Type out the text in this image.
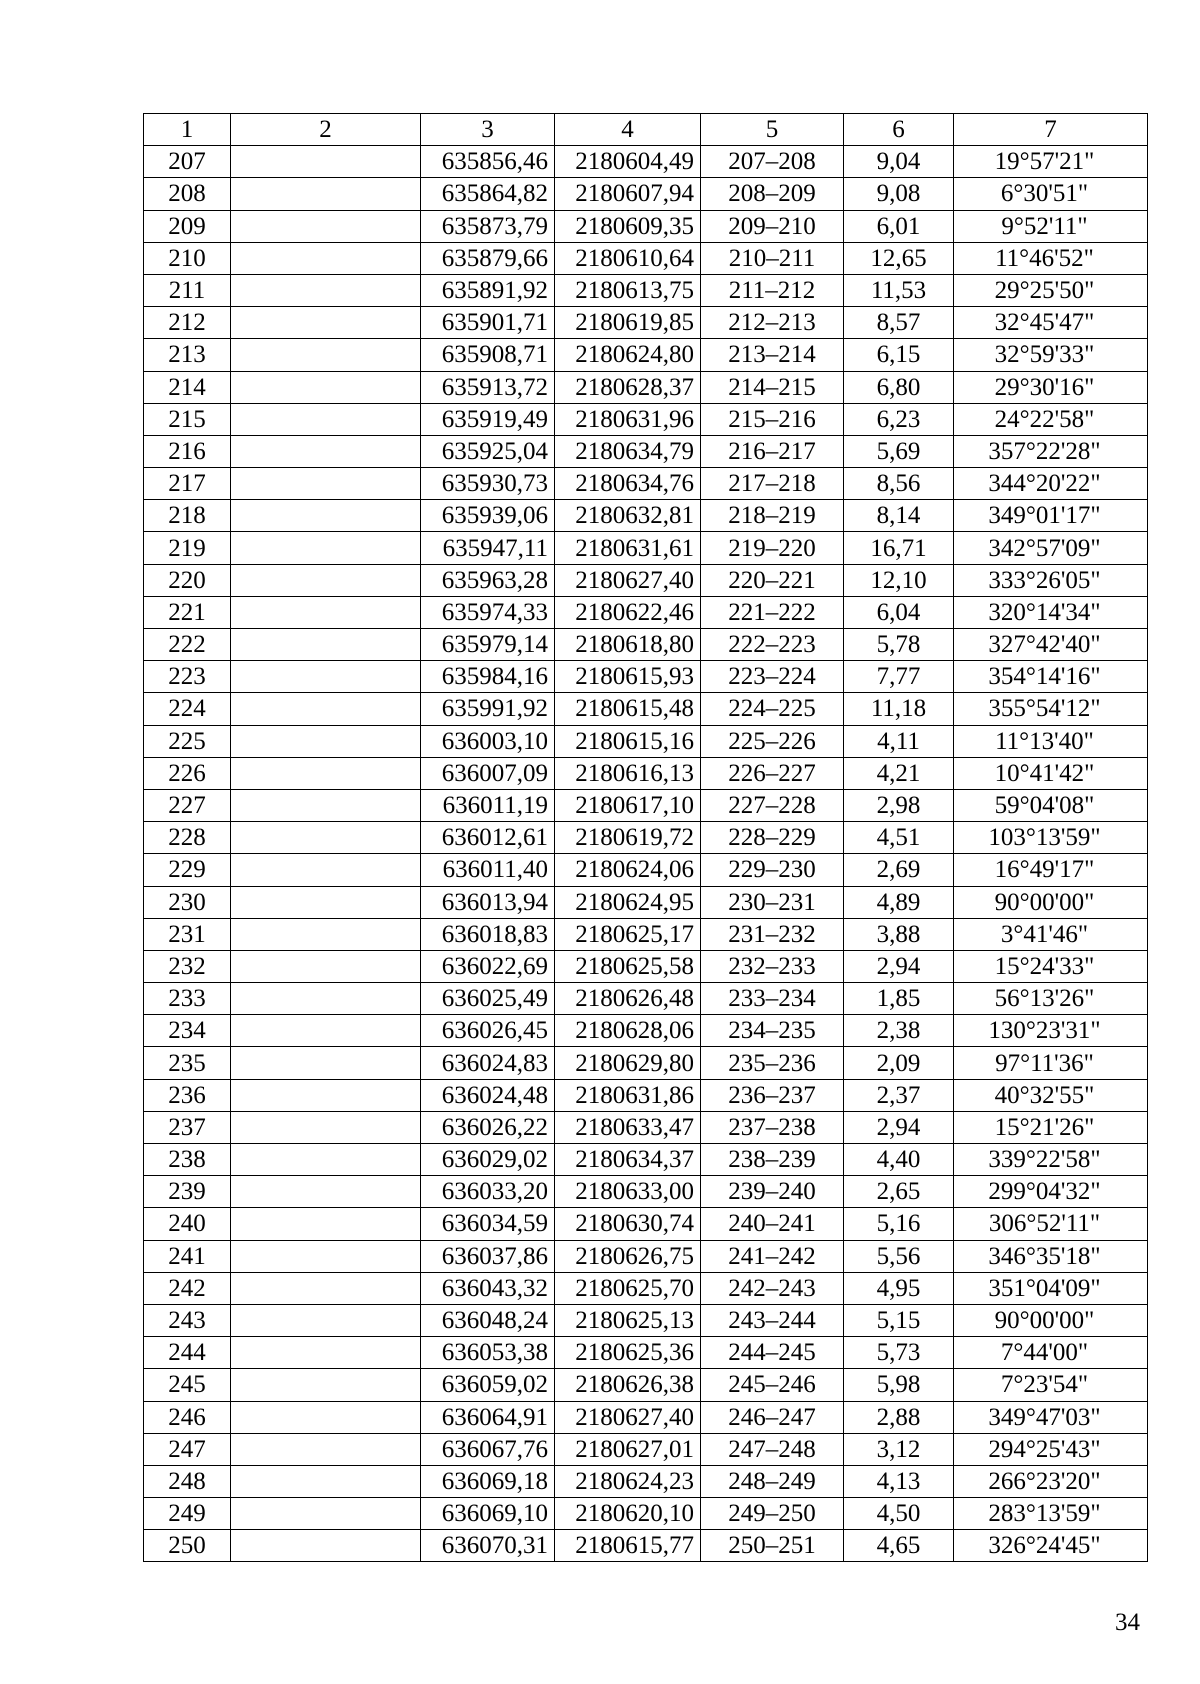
1	2	3	4	5	6	7
207		635856,46	2180604,49	207–208	9,04	19°57'21"
208		635864,82	2180607,94	208–209	9,08	6°30'51"
209		635873,79	2180609,35	209–210	6,01	9°52'11"
210		635879,66	2180610,64	210–211	12,65	11°46'52"
211		635891,92	2180613,75	211–212	11,53	29°25'50"
212		635901,71	2180619,85	212–213	8,57	32°45'47"
213		635908,71	2180624,80	213–214	6,15	32°59'33"
214		635913,72	2180628,37	214–215	6,80	29°30'16"
215		635919,49	2180631,96	215–216	6,23	24°22'58"
216		635925,04	2180634,79	216–217	5,69	357°22'28"
217		635930,73	2180634,76	217–218	8,56	344°20'22"
218		635939,06	2180632,81	218–219	8,14	349°01'17"
219		635947,11	2180631,61	219–220	16,71	342°57'09"
220		635963,28	2180627,40	220–221	12,10	333°26'05"
221		635974,33	2180622,46	221–222	6,04	320°14'34"
222		635979,14	2180618,80	222–223	5,78	327°42'40"
223		635984,16	2180615,93	223–224	7,77	354°14'16"
224		635991,92	2180615,48	224–225	11,18	355°54'12"
225		636003,10	2180615,16	225–226	4,11	11°13'40"
226		636007,09	2180616,13	226–227	4,21	10°41'42"
227		636011,19	2180617,10	227–228	2,98	59°04'08"
228		636012,61	2180619,72	228–229	4,51	103°13'59"
229		636011,40	2180624,06	229–230	2,69	16°49'17"
230		636013,94	2180624,95	230–231	4,89	90°00'00"
231		636018,83	2180625,17	231–232	3,88	3°41'46"
232		636022,69	2180625,58	232–233	2,94	15°24'33"
233		636025,49	2180626,48	233–234	1,85	56°13'26"
234		636026,45	2180628,06	234–235	2,38	130°23'31"
235		636024,83	2180629,80	235–236	2,09	97°11'36"
236		636024,48	2180631,86	236–237	2,37	40°32'55"
237		636026,22	2180633,47	237–238	2,94	15°21'26"
238		636029,02	2180634,37	238–239	4,40	339°22'58"
239		636033,20	2180633,00	239–240	2,65	299°04'32"
240		636034,59	2180630,74	240–241	5,16	306°52'11"
241		636037,86	2180626,75	241–242	5,56	346°35'18"
242		636043,32	2180625,70	242–243	4,95	351°04'09"
243		636048,24	2180625,13	243–244	5,15	90°00'00"
244		636053,38	2180625,36	244–245	5,73	7°44'00"
245		636059,02	2180626,38	245–246	5,98	7°23'54"
246		636064,91	2180627,40	246–247	2,88	349°47'03"
247		636067,76	2180627,01	247–248	3,12	294°25'43"
248		636069,18	2180624,23	248–249	4,13	266°23'20"
249		636069,10	2180620,10	249–250	4,50	283°13'59"
250		636070,31	2180615,77	250–251	4,65	326°24'45"
34
